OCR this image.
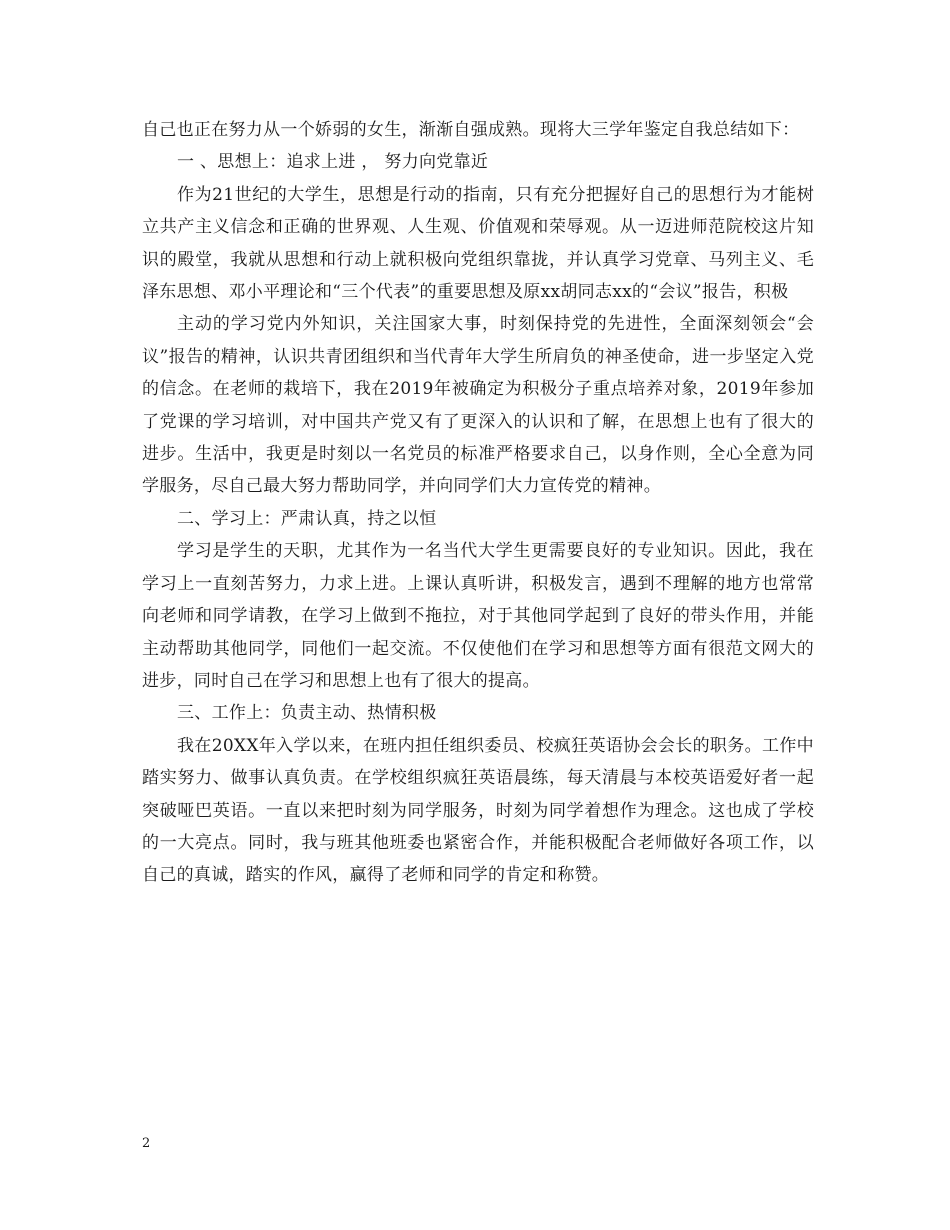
自己也正在努力从一个娇弱的女生，渐渐自强成熟。现将大三学年鉴定自我总结如下：

一 、思想上：追求上进 ， 努力向党靠近

作为21世纪的大学生，思想是行动的指南，只有充分把握好自己的思想行为才能树立共产主义信念和正确的世界观、人生观、价值观和荣辱观。从一迈进师范院校这片知识的殿堂，我就从思想和行动上就积极向党组织靠拢，并认真学习党章、马列主义、毛泽东思想、邓小平理论和“三个代表”的重要思想及原xx胡同志xx的“会议”报告，积极

主动的学习党内外知识，关注国家大事，时刻保持党的先进性，全面深刻领会“会议”报告的精神，认识共青团组织和当代青年大学生所肩负的神圣使命，进一步坚定入党的信念。在老师的栽培下，我在2019年被确定为积极分子重点培养对象，2019年参加了党课的学习培训，对中国共产党又有了更深入的认识和了解，在思想上也有了很大的进步。生活中，我更是时刻以一名党员的标准严格要求自己，以身作则，全心全意为同学服务，尽自己最大努力帮助同学，并向同学们大力宣传党的精神。

二、学习上：严肃认真，持之以恒

学习是学生的天职，尤其作为一名当代大学生更需要良好的专业知识。因此，我在学习上一直刻苦努力，力求上进。上课认真听讲，积极发言，遇到不理解的地方也常常向老师和同学请教，在学习上做到不拖拉，对于其他同学起到了良好的带头作用，并能主动帮助其他同学，同他们一起交流。不仅使他们在学习和思想等方面有很范文网大的进步，同时自己在学习和思想上也有了很大的提高。

三、工作上：负责主动、热情积极

我在20XX年入学以来，在班内担任组织委员、校疯狂英语协会会长的职务。工作中踏实努力、做事认真负责。在学校组织疯狂英语晨练，每天清晨与本校英语爱好者一起突破哑巴英语。一直以来把时刻为同学服务，时刻为同学着想作为理念。这也成了学校的一大亮点。同时，我与班其他班委也紧密合作，并能积极配合老师做好各项工作，以自己的真诚，踏实的作风，赢得了老师和同学的肯定和称赞。

2
